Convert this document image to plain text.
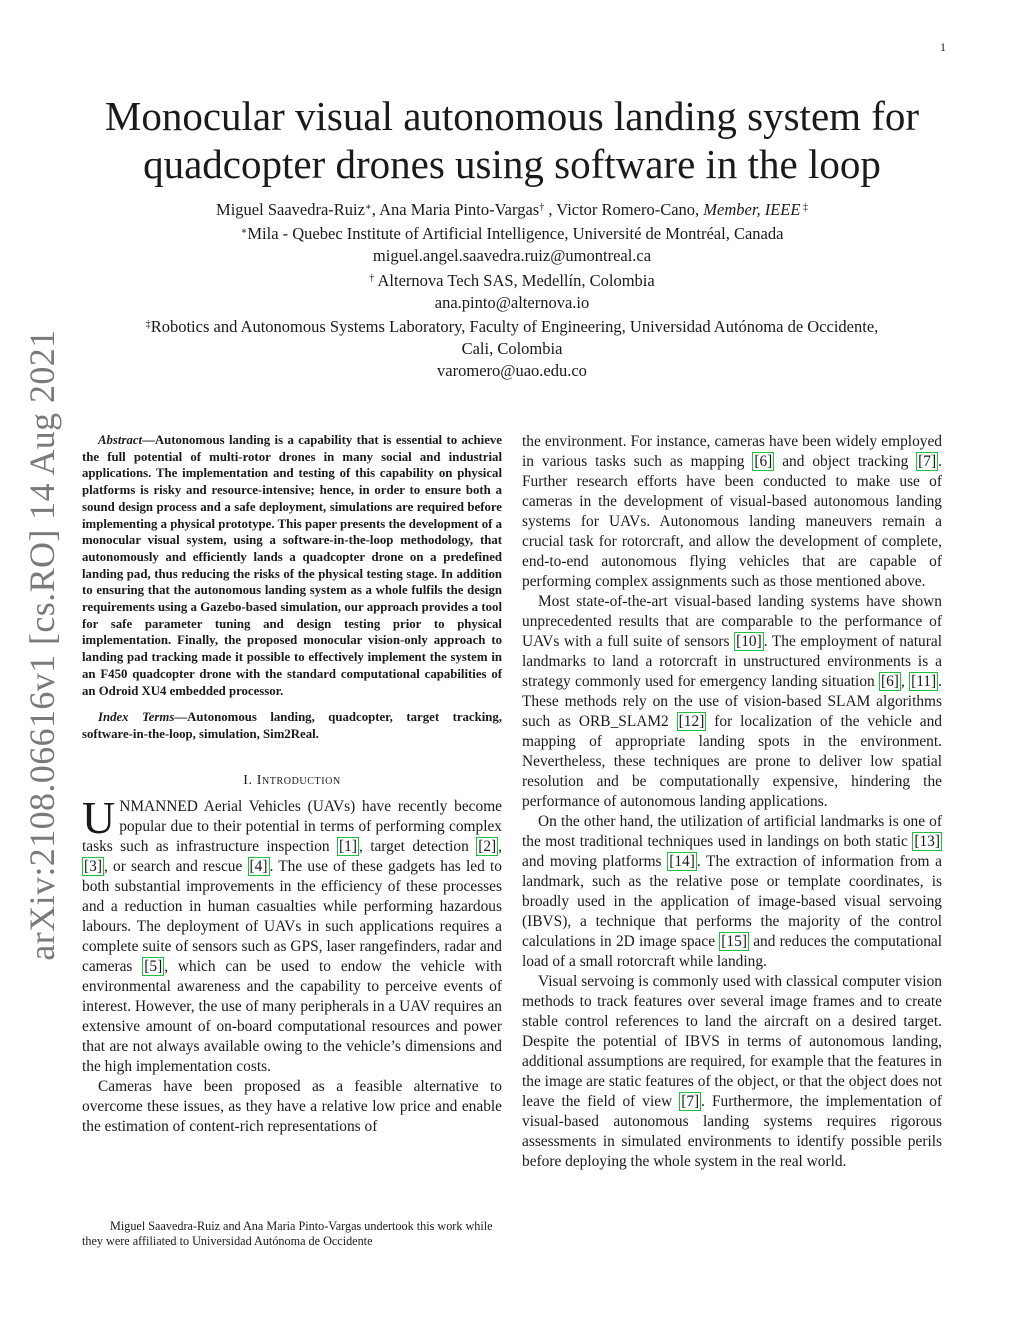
1
arXiv:2108.06616v1 [cs.RO] 14 Aug 2021
Monocular visual autonomous landing system for
quadcopter drones using software in the loop
Miguel Saavedra-Ruiz∗, Ana Maria Pinto-Vargas† , Victor Romero-Cano, Member, IEEE ‡
∗Mila - Quebec Institute of Artificial Intelligence, Université de Montréal, Canada
miguel.angel.saavedra.ruiz@umontreal.ca
† Alternova Tech SAS, Medellín, Colombia
ana.pinto@alternova.io
‡Robotics and Autonomous Systems Laboratory, Faculty of Engineering, Universidad Autónoma de Occidente,
Cali, Colombia
varomero@uao.edu.co

Abstract—Autonomous landing is a capability that is essential to achieve the full potential of multi-rotor drones in many social and industrial applications. The implementation and testing of this capability on physical platforms is risky and resource-intensive; hence, in order to ensure both a sound design process and a safe deployment, simulations are required before implementing a physical prototype. This paper presents the development of a monocular visual system, using a software-in-the-loop methodology, that autonomously and efficiently lands a quadcopter drone on a predefined landing pad, thus reducing the risks of the physical testing stage. In addition to ensuring that the autonomous landing system as a whole fulfils the design requirements using a Gazebo-based simulation, our approach provides a tool for safe parameter tuning and design testing prior to physical implementation. Finally, the proposed monocular vision-only approach to landing pad tracking made it possible to effectively implement the system in an F450 quadcopter drone with the standard computational capabilities of an Odroid XU4 embedded processor.

Index Terms—Autonomous landing, quadcopter, target tracking, software-in-the-loop, simulation, Sim2Real.

I. Introduction

UNMANNED Aerial Vehicles (UAVs) have recently become popular due to their potential in terms of performing complex tasks such as infrastructure inspection [1] , target detection [2] , [3] , or search and rescue [4] . The use of these gadgets has led to both substantial improvements in the efficiency of these processes and a reduction in human casualties while performing hazardous labours. The deployment of UAVs in such applications requires a complete suite of sensors such as GPS, laser rangefinders, radar and cameras [5] , which can be used to endow the vehicle with environmental awareness and the capability to perceive events of interest. However, the use of many peripherals in a UAV requires an extensive amount of on-board computational resources and power that are not always available owing to the vehicle’s dimensions and the high implementation costs.

Cameras have been proposed as a feasible alternative to overcome these issues, as they have a relative low price and enable the estimation of content-rich representations of

Miguel Saavedra-Ruiz and Ana Maria Pinto-Vargas undertook this work while they were affiliated to Universidad Autónoma de Occidente

the environment. For instance, cameras have been widely employed in various tasks such as mapping [6] and object tracking [7] . Further research efforts have been conducted to make use of cameras in the development of visual-based autonomous landing systems for UAVs. Autonomous landing maneuvers remain a crucial task for rotorcraft, and allow the development of complete, end-to-end autonomous flying vehicles that are capable of performing complex assignments such as those mentioned above.

Most state-of-the-art visual-based landing systems have shown unprecedented results that are comparable to the performance of UAVs with a full suite of sensors [10] . The employment of natural landmarks to land a rotorcraft in unstructured environments is a strategy commonly used for emergency landing situation [6] , [11] . These methods rely on the use of vision-based SLAM algorithms such as ORB_SLAM2 [12] for localization of the vehicle and mapping of appropriate landing spots in the environment. Nevertheless, these techniques are prone to deliver low spatial resolution and be computationally expensive, hindering the performance of autonomous landing applications.

On the other hand, the utilization of artificial landmarks is one of the most traditional techniques used in landings on both static [13] and moving platforms [14] . The extraction of information from a landmark, such as the relative pose or template coordinates, is broadly used in the application of image-based visual servoing (IBVS), a technique that performs the majority of the control calculations in 2D image space [15] and reduces the computational load of a small rotorcraft while landing.

Visual servoing is commonly used with classical computer vision methods to track features over several image frames and to create stable control references to land the aircraft on a desired target. Despite the potential of IBVS in terms of autonomous landing, additional assumptions are required, for example that the features in the image are static features of the object, or that the object does not leave the field of view [7] . Furthermore, the implementation of visual-based autonomous landing systems requires rigorous assessments in simulated environments to identify possible perils before deploying the whole system in the real world.
